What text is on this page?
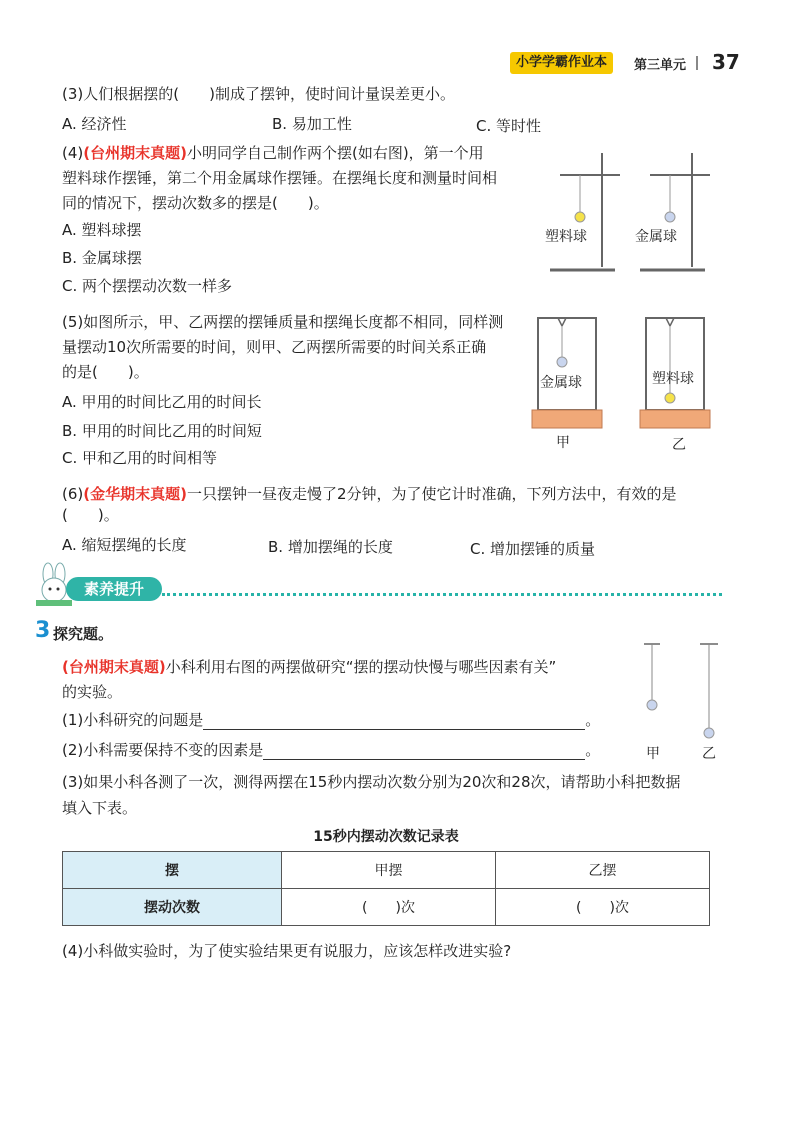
小学学霸作业本	第三单元 37
(3)人们根据摆的(　　)制成了摆钟，使时间计量误差更小。
A. 经济性	B. 易加工性	C. 等时性
(4)(台州期末真题)小明同学自己制作两个摆(如右图)，第一个用
塑料球作摆锤，第二个用金属球作摆锤。在摆绳长度和测量时间相
同的情况下，摆动次数多的摆是(　　)。
A. 塑料球摆
B. 金属球摆
C. 两个摆摆动次数一样多
塑料球	金属球
(5)如图所示，甲、乙两摆的摆锤质量和摆绳长度都不相同，同样测
量摆动10次所需要的时间，则甲、乙两摆所需要的时间关系正确
的是(　　)。
A. 甲用的时间比乙用的时间长
B. 甲用的时间比乙用的时间短
C. 甲和乙用的时间相等
金属球	塑料球
甲	乙
(6)(金华期末真题)一只摆钟一昼夜走慢了2分钟，为了使它计时准确，下列方法中，有效的是
(　　)。
A. 缩短摆绳的长度	B. 增加摆绳的长度	C. 增加摆锤的质量
素养提升
3 探究题。
(台州期末真题)小科利用右图的两摆做研究“摆的摆动快慢与哪些因素有关”
的实验。
(1)小科研究的问题是	。
(2)小科需要保持不变的因素是	。	甲	乙
(3)如果小科各测了一次，测得两摆在15秒内摆动次数分别为20次和28次，请帮助小科把数据
填入下表。
15秒内摆动次数记录表
摆	甲摆	乙摆
摆动次数	(　　)次	(　　)次
(4)小科做实验时，为了使实验结果更有说服力，应该怎样改进实验?
